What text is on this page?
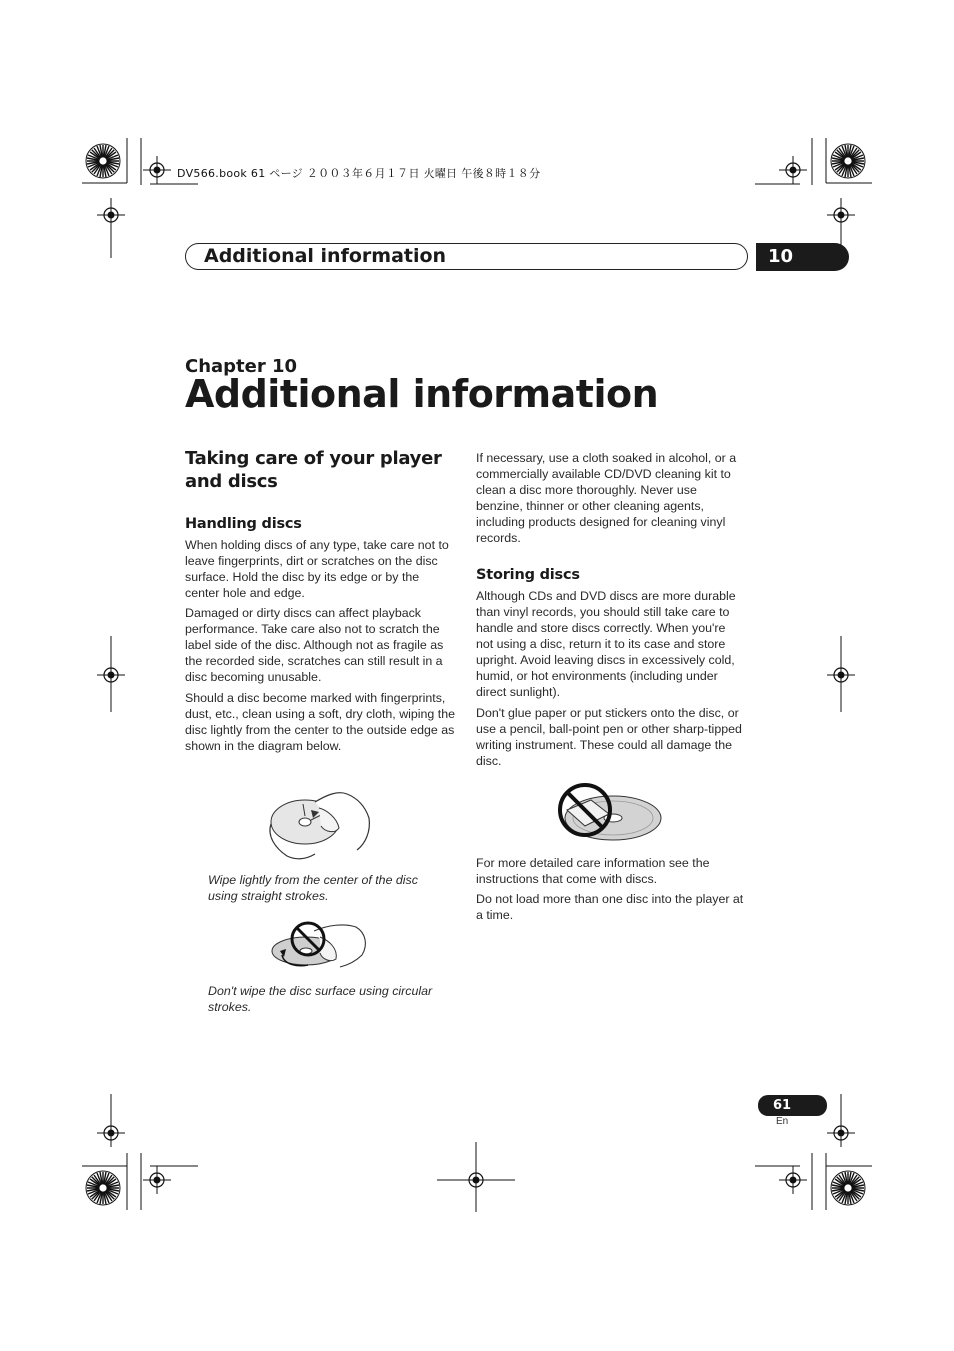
DV566.book 61 ページ ２００３年６月１７日 火曜日 午後８時１８分
Additional information	10
Chapter 10
Additional information
Taking care of your player and discs
Handling discs
When holding discs of any type, take care not to leave fingerprints, dirt or scratches on the disc surface. Hold the disc by its edge or by the center hole and edge.
Damaged or dirty discs can affect playback performance. Take care also not to scratch the label side of the disc. Although not as fragile as the recorded side, scratches can still result in a disc becoming unusable.
Should a disc become marked with fingerprints, dust, etc., clean using a soft, dry cloth, wiping the disc lightly from the center to the outside edge as shown in the diagram below.
Wipe lightly from the center of the disc using straight strokes.
Don't wipe the disc surface using circular strokes.
If necessary, use a cloth soaked in alcohol, or a commercially available CD/DVD cleaning kit to clean a disc more thoroughly. Never use benzine, thinner or other cleaning agents, including products designed for cleaning vinyl records.
Storing discs
Although CDs and DVD discs are more durable than vinyl records, you should still take care to handle and store discs correctly. When you're not using a disc, return it to its case and store upright. Avoid leaving discs in excessively cold, humid, or hot environments (including under direct sunlight).
Don't glue paper or put stickers onto the disc, or use a pencil, ball-point pen or other sharp-tipped writing instrument. These could all damage the disc.
For more detailed care information see the instructions that come with discs.
Do not load more than one disc into the player at a time.
61
En
